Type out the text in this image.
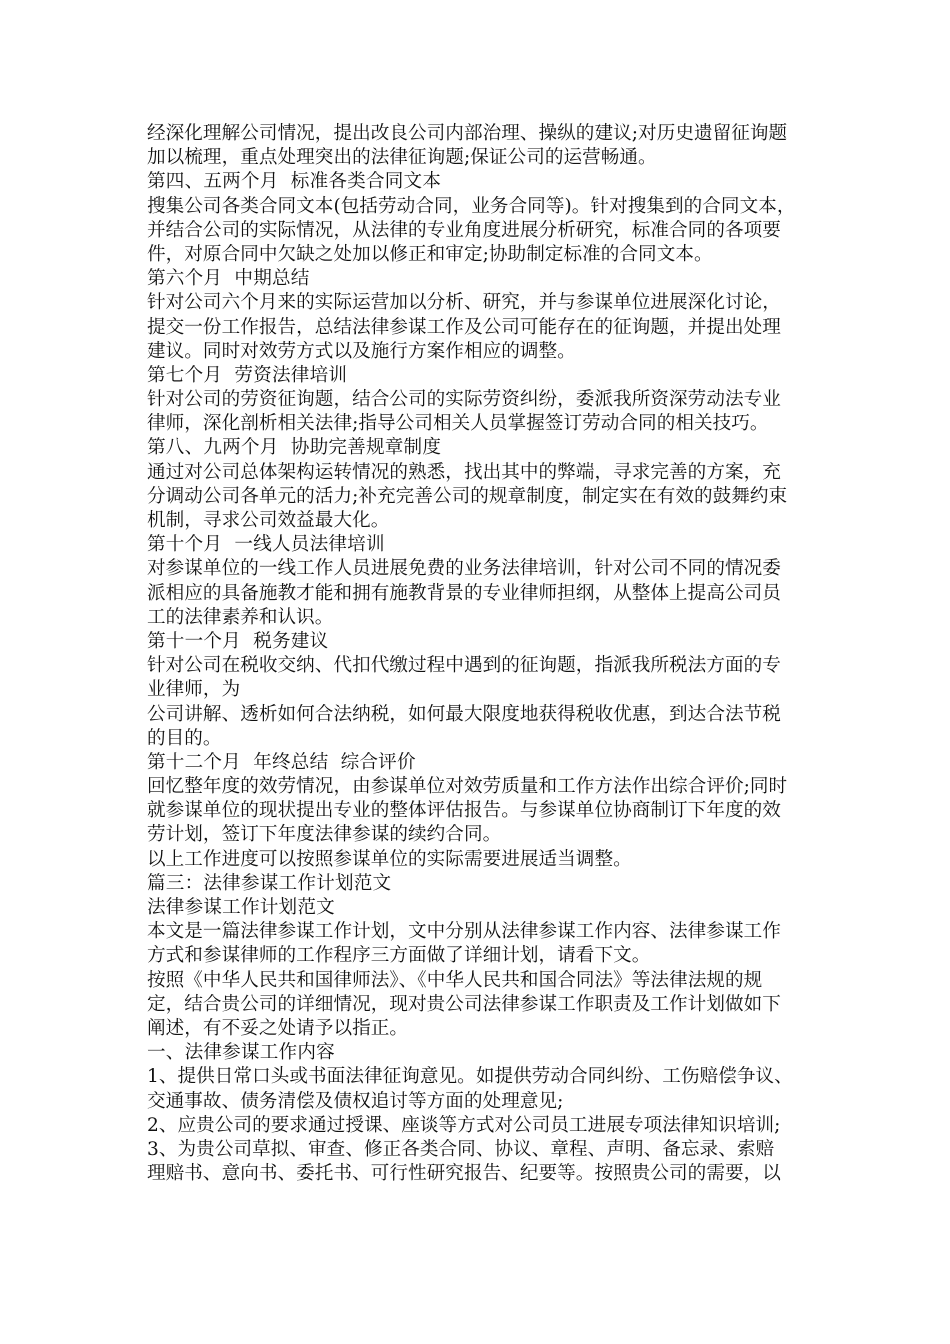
经深化理解公司情况，提出改良公司内部治理、操纵的建议;对历史遗留征询题
加以梳理，重点处理突出的法律征询题;保证公司的运营畅通。
第四、五两个月  标准各类合同文本
搜集公司各类合同文本(包括劳动合同，业务合同等)。针对搜集到的合同文本，
并结合公司的实际情况，从法律的专业角度进展分析研究，标准合同的各项要
件，对原合同中欠缺之处加以修正和审定;协助制定标准的合同文本。
第六个月  中期总结
针对公司六个月来的实际运营加以分析、研究，并与参谋单位进展深化讨论，
提交一份工作报告，总结法律参谋工作及公司可能存在的征询题，并提出处理
建议。同时对效劳方式以及施行方案作相应的调整。
第七个月  劳资法律培训
针对公司的劳资征询题，结合公司的实际劳资纠纷，委派我所资深劳动法专业
律师，深化剖析相关法律;指导公司相关人员掌握签订劳动合同的相关技巧。
第八、九两个月  协助完善规章制度
通过对公司总体架构运转情况的熟悉，找出其中的弊端，寻求完善的方案，充
分调动公司各单元的活力;补充完善公司的规章制度，制定实在有效的鼓舞约束
机制，寻求公司效益最大化。
第十个月  一线人员法律培训
对参谋单位的一线工作人员进展免费的业务法律培训，针对公司不同的情况委
派相应的具备施教才能和拥有施教背景的专业律师担纲，从整体上提高公司员
工的法律素养和认识。
第十一个月  税务建议
针对公司在税收交纳、代扣代缴过程中遇到的征询题，指派我所税法方面的专
业律师，为
公司讲解、透析如何合法纳税，如何最大限度地获得税收优惠，到达合法节税
的目的。
第十二个月  年终总结  综合评价
回忆整年度的效劳情况，由参谋单位对效劳质量和工作方法作出综合评价;同时
就参谋单位的现状提出专业的整体评估报告。与参谋单位协商制订下年度的效
劳计划，签订下年度法律参谋的续约合同。
以上工作进度可以按照参谋单位的实际需要进展适当调整。
篇三：法律参谋工作计划范文
法律参谋工作计划范文
本文是一篇法律参谋工作计划，文中分别从法律参谋工作内容、法律参谋工作
方式和参谋律师的工作程序三方面做了详细计划，请看下文。
按照《中华人民共和国律师法》、《中华人民共和国合同法》等法律法规的规
定，结合贵公司的详细情况，现对贵公司法律参谋工作职责及工作计划做如下
阐述，有不妥之处请予以指正。
一、法律参谋工作内容
1、提供日常口头或书面法律征询意见。如提供劳动合同纠纷、工伤赔偿争议、
交通事故、债务清偿及债权追讨等方面的处理意见;
2、应贵公司的要求通过授课、座谈等方式对公司员工进展专项法律知识培训;
3、为贵公司草拟、审查、修正各类合同、协议、章程、声明、备忘录、索赔
理赔书、意向书、委托书、可行性研究报告、纪要等。按照贵公司的需要，以
